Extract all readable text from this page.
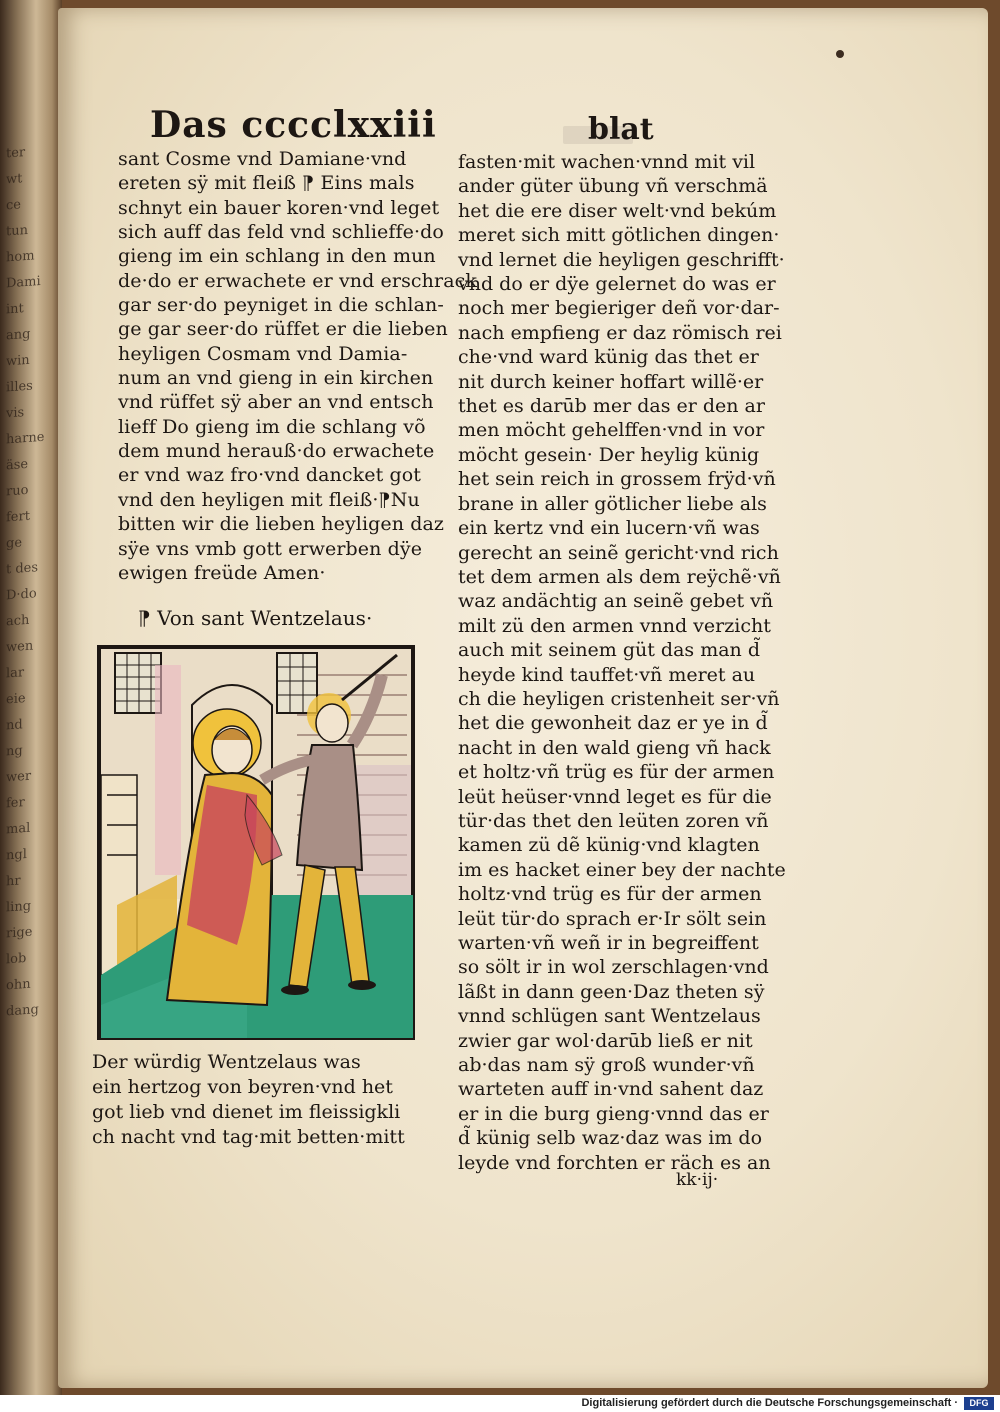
ter
wt
ce
tun
hom
Dami
int
ang
win
illes
vis
harne
äse
ruo
fert
ge
t des
D·do
ach
wen
lar
eie
nd
ng
wer
fer
mal
ngl
hr
ling
rige
lob
ohn
dang
Das cccclxxiii	blat
sant Cosme vnd Damiane·vnd
ereten sÿ mit fleiß ⁋ Eins mals
schnyt ein bauer koren·vnd leget
sich auff das feld vnd schlieffe·do
gieng im ein schlang in den mun
de·do er erwachete er vnd erschrack
gar ser·do peyniget in die schlan-
ge gar seer·do rüffet er die lieben
heyligen Cosmam vnd Damia-
num an vnd gieng in ein kirchen
vnd rüffet sÿ aber an vnd entsch
lieff Do gieng im die schlang võ
dem mund herauß·do erwachete
er vnd waz fro·vnd dancket got
vnd den heyligen mit fleiß·⁋Nu
bitten wir die lieben heyligen daz
sÿe vns vmb gott erwerben dÿe
ewigen freüde Amen·
⁋ Von sant Wentzelaus·
Der würdig Wentzelaus was
ein hertzog von beyren·vnd het
got lieb vnd dienet im fleissigkli
ch nacht vnd tag·mit betten·mitt
fasten·mit wachen·vnnd mit vil
ander güter übung vñ verschmä
het die ere diser welt·vnd bekúm
meret sich mitt götlichen dingen·
vnd lernet die heyligen geschrifft·
vnd do er dÿe gelernet do was er
noch mer begieriger deñ vor·dar-
nach empfieng er daz römisch rei
che·vnd ward künig das thet er
nit durch keiner hoffart willẽ·er
thet es darūb mer das er den ar
men möcht gehelffen·vnd in vor
möcht gesein· Der heylig künig
het sein reich in grossem frÿd·vñ
brane in aller götlicher liebe als
ein kertz vnd ein lucern·vñ was
gerecht an seinẽ gericht·vnd rich
tet dem armen als dem reÿchẽ·vñ
waz andächtig an seinẽ gebet vñ
milt zü den armen vnnd verzicht
auch mit seinem güt das man d̃
heyde kind tauffet·vñ meret au
ch die heyligen cristenheit ser·vñ
het die gewonheit daz er ye in d̃
nacht in den wald gieng vñ hack
et holtz·vñ trüg es für der armen
leüt heüser·vnnd leget es für die
tür·das thet den leüten zoren vñ
kamen zü dẽ künig·vnd klagten
im es hacket einer bey der nachte
holtz·vnd trüg es für der armen
leüt tür·do sprach er·Ir sölt sein
warten·vñ weñ ir in begreiffent
so sölt ir in wol zerschlagen·vnd
lãßt in dann geen·Daz theten sÿ
vnnd schlügen sant Wentzelaus
zwier gar wol·darūb ließ er nit
ab·das nam sÿ groß wunder·vñ
warteten auff in·vnd sahent daz
er in die burg gieng·vnnd das er
d̃ künig selb waz·daz was im do
leyde vnd forchten er räch es an
kk·ij·
Digitalisierung gefördert durch die Deutsche Forschungsgemeinschaft ·	DFG
